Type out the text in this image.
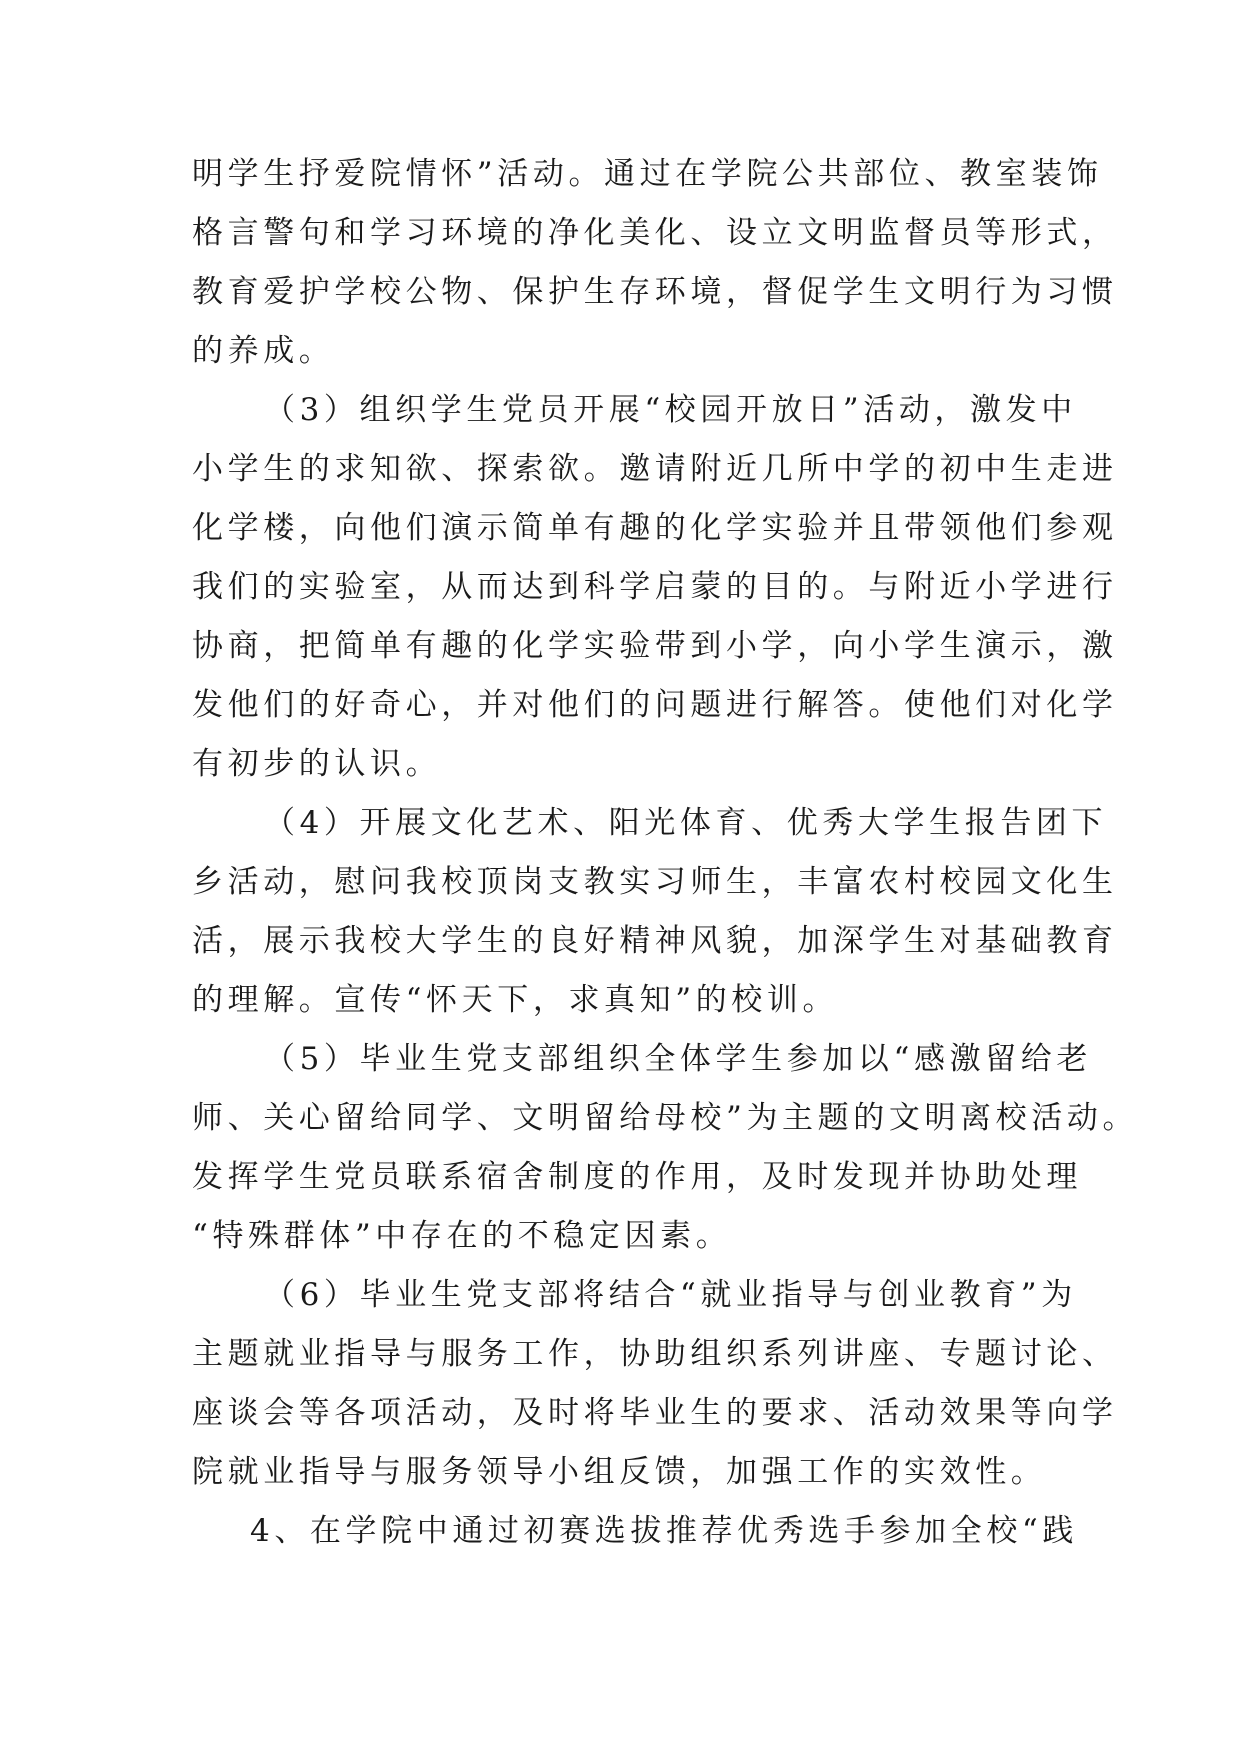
明学生抒爱院情怀”活动。通过在学院公共部位、教室装饰
格言警句和学习环境的净化美化、设立文明监督员等形式，
教育爱护学校公物、保护生存环境，督促学生文明行为习惯
的养成。
（3）组织学生党员开展“校园开放日”活动，激发中
小学生的求知欲、探索欲。邀请附近几所中学的初中生走进
化学楼，向他们演示简单有趣的化学实验并且带领他们参观
我们的实验室，从而达到科学启蒙的目的。与附近小学进行
协商，把简单有趣的化学实验带到小学，向小学生演示，激
发他们的好奇心，并对他们的问题进行解答。使他们对化学
有初步的认识。
（4）开展文化艺术、阳光体育、优秀大学生报告团下
乡活动，慰问我校顶岗支教实习师生，丰富农村校园文化生
活，展示我校大学生的良好精神风貌，加深学生对基础教育
的理解。宣传“怀天下，求真知”的校训。
（5）毕业生党支部组织全体学生参加以“感激留给老
师、关心留给同学、文明留给母校”为主题的文明离校活动。
发挥学生党员联系宿舍制度的作用，及时发现并协助处理
“特殊群体”中存在的不稳定因素。
（6）毕业生党支部将结合“就业指导与创业教育”为
主题就业指导与服务工作，协助组织系列讲座、专题讨论、
座谈会等各项活动，及时将毕业生的要求、活动效果等向学
院就业指导与服务领导小组反馈，加强工作的实效性。
4、在学院中通过初赛选拔推荐优秀选手参加全校“践
